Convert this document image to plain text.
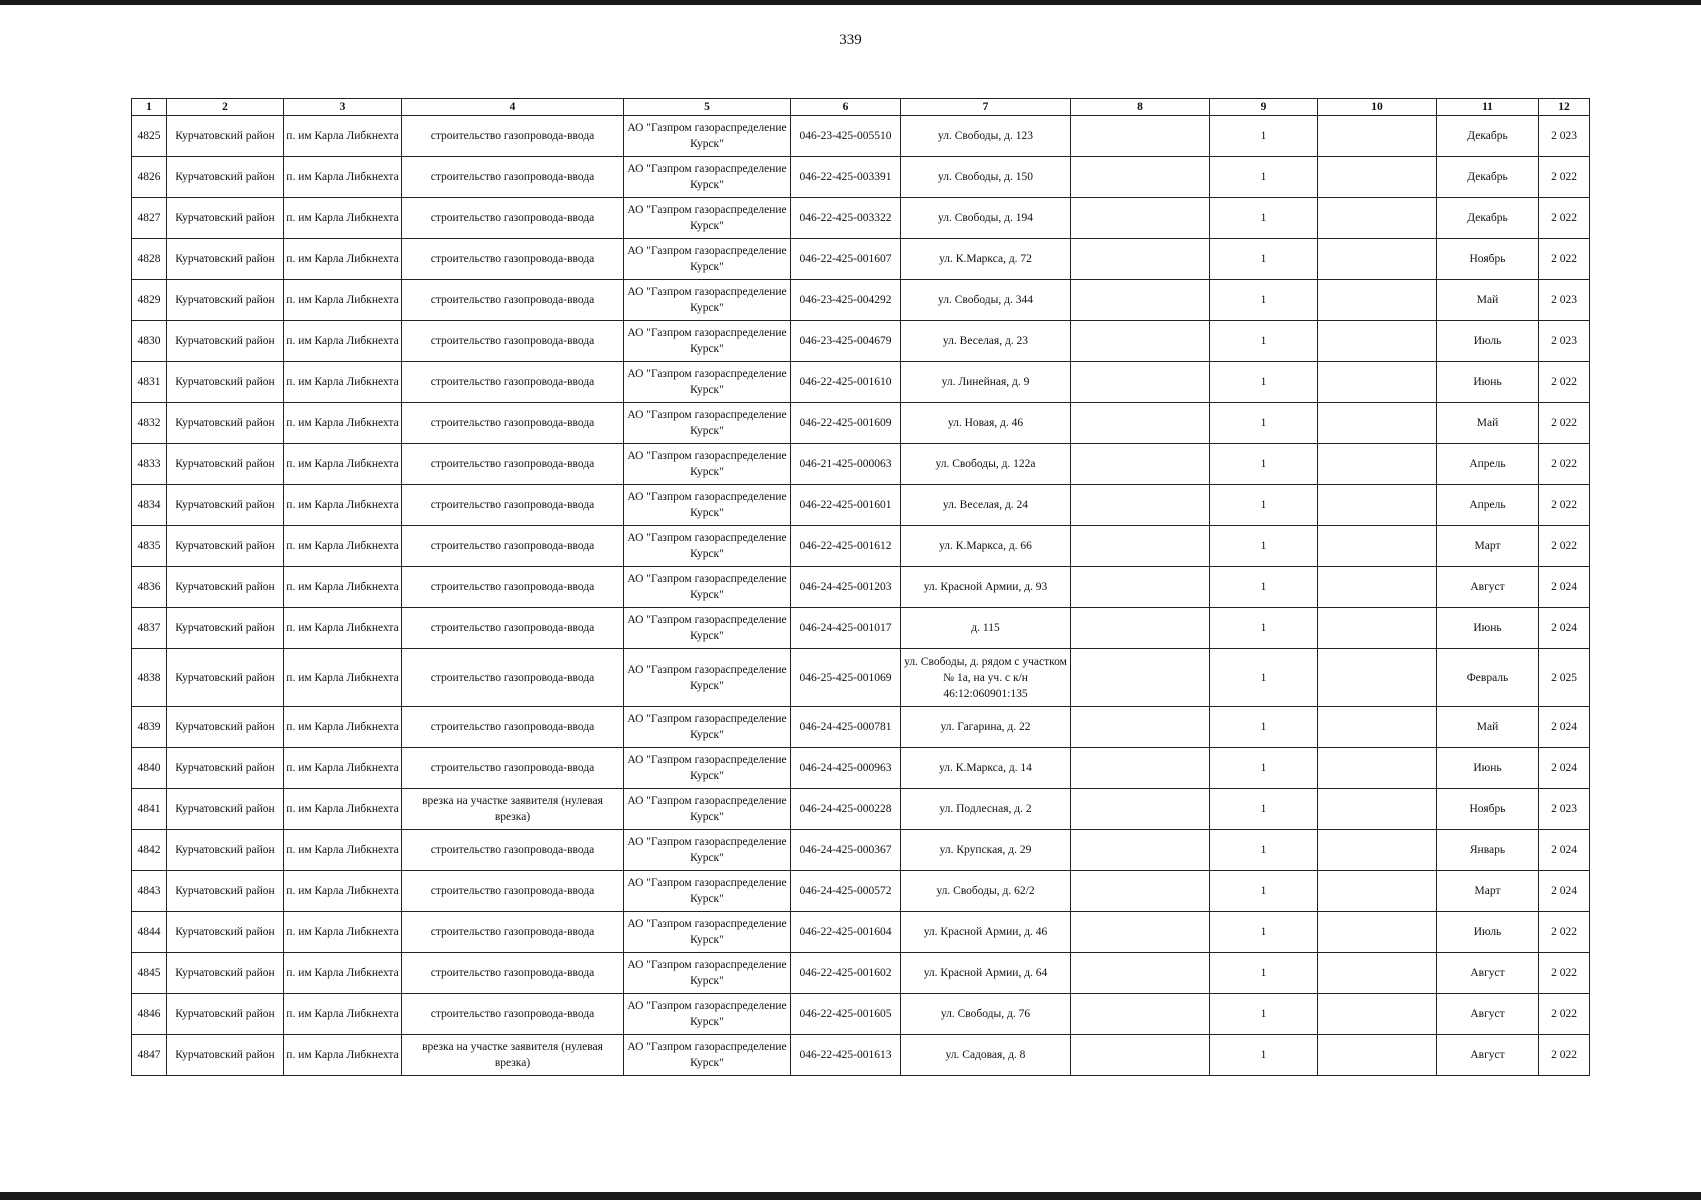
339
1	2	3	4	5	6	7	8	9	10	11	12
4825	Курчатовский район	п. им Карла Либкнехта	строительство газопровода-ввода	АО "Газпром газораспределение Курск"	046-23-425-005510	ул. Свободы, д. 123		1		Декабрь	2 023
4826	Курчатовский район	п. им Карла Либкнехта	строительство газопровода-ввода	АО "Газпром газораспределение Курск"	046-22-425-003391	ул. Свободы, д. 150		1		Декабрь	2 022
4827	Курчатовский район	п. им Карла Либкнехта	строительство газопровода-ввода	АО "Газпром газораспределение Курск"	046-22-425-003322	ул. Свободы, д. 194		1		Декабрь	2 022
4828	Курчатовский район	п. им Карла Либкнехта	строительство газопровода-ввода	АО "Газпром газораспределение Курск"	046-22-425-001607	ул. К.Маркса, д. 72		1		Ноябрь	2 022
4829	Курчатовский район	п. им Карла Либкнехта	строительство газопровода-ввода	АО "Газпром газораспределение Курск"	046-23-425-004292	ул. Свободы, д. 344		1		Май	2 023
4830	Курчатовский район	п. им Карла Либкнехта	строительство газопровода-ввода	АО "Газпром газораспределение Курск"	046-23-425-004679	ул. Веселая, д. 23		1		Июль	2 023
4831	Курчатовский район	п. им Карла Либкнехта	строительство газопровода-ввода	АО "Газпром газораспределение Курск"	046-22-425-001610	ул. Линейная, д. 9		1		Июнь	2 022
4832	Курчатовский район	п. им Карла Либкнехта	строительство газопровода-ввода	АО "Газпром газораспределение Курск"	046-22-425-001609	ул. Новая, д. 46		1		Май	2 022
4833	Курчатовский район	п. им Карла Либкнехта	строительство газопровода-ввода	АО "Газпром газораспределение Курск"	046-21-425-000063	ул. Свободы, д. 122а		1		Апрель	2 022
4834	Курчатовский район	п. им Карла Либкнехта	строительство газопровода-ввода	АО "Газпром газораспределение Курск"	046-22-425-001601	ул. Веселая, д. 24		1		Апрель	2 022
4835	Курчатовский район	п. им Карла Либкнехта	строительство газопровода-ввода	АО "Газпром газораспределение Курск"	046-22-425-001612	ул. К.Маркса, д. 66		1		Март	2 022
4836	Курчатовский район	п. им Карла Либкнехта	строительство газопровода-ввода	АО "Газпром газораспределение Курск"	046-24-425-001203	ул. Красной Армии, д. 93		1		Август	2 024
4837	Курчатовский район	п. им Карла Либкнехта	строительство газопровода-ввода	АО "Газпром газораспределение Курск"	046-24-425-001017	д. 115		1		Июнь	2 024
4838	Курчатовский район	п. им Карла Либкнехта	строительство газопровода-ввода	АО "Газпром газораспределение Курск"	046-25-425-001069	ул. Свободы, д. рядом с участком № 1а, на уч. с к/н 46:12:060901:135		1		Февраль	2 025
4839	Курчатовский район	п. им Карла Либкнехта	строительство газопровода-ввода	АО "Газпром газораспределение Курск"	046-24-425-000781	ул. Гагарина, д. 22		1		Май	2 024
4840	Курчатовский район	п. им Карла Либкнехта	строительство газопровода-ввода	АО "Газпром газораспределение Курск"	046-24-425-000963	ул. К.Маркса, д. 14		1		Июнь	2 024
4841	Курчатовский район	п. им Карла Либкнехта	врезка на участке заявителя (нулевая врезка)	АО "Газпром газораспределение Курск"	046-24-425-000228	ул. Подлесная, д. 2		1		Ноябрь	2 023
4842	Курчатовский район	п. им Карла Либкнехта	строительство газопровода-ввода	АО "Газпром газораспределение Курск"	046-24-425-000367	ул. Крупская, д. 29		1		Январь	2 024
4843	Курчатовский район	п. им Карла Либкнехта	строительство газопровода-ввода	АО "Газпром газораспределение Курск"	046-24-425-000572	ул. Свободы, д. 62/2		1		Март	2 024
4844	Курчатовский район	п. им Карла Либкнехта	строительство газопровода-ввода	АО "Газпром газораспределение Курск"	046-22-425-001604	ул. Красной Армии, д. 46		1		Июль	2 022
4845	Курчатовский район	п. им Карла Либкнехта	строительство газопровода-ввода	АО "Газпром газораспределение Курск"	046-22-425-001602	ул. Красной Армии, д. 64		1		Август	2 022
4846	Курчатовский район	п. им Карла Либкнехта	строительство газопровода-ввода	АО "Газпром газораспределение Курск"	046-22-425-001605	ул. Свободы, д. 76		1		Август	2 022
4847	Курчатовский район	п. им Карла Либкнехта	врезка на участке заявителя (нулевая врезка)	АО "Газпром газораспределение Курск"	046-22-425-001613	ул. Садовая, д. 8		1		Август	2 022
